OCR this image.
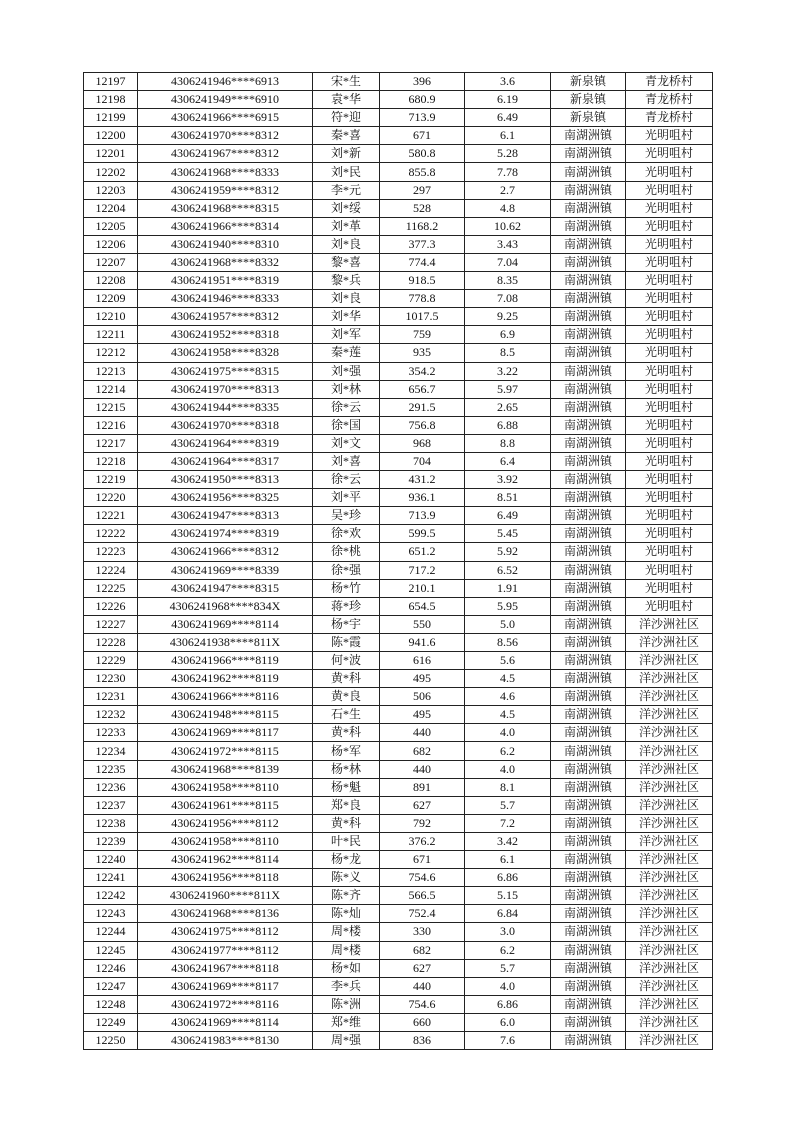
12197	4306241946****6913	宋*生	396	3.6	新泉镇	青龙桥村
12198	4306241949****6910	袁*华	680.9	6.19	新泉镇	青龙桥村
12199	4306241966****6915	符*迎	713.9	6.49	新泉镇	青龙桥村
12200	4306241970****8312	秦*喜	671	6.1	南湖洲镇	光明咀村
12201	4306241967****8312	刘*新	580.8	5.28	南湖洲镇	光明咀村
12202	4306241968****8333	刘*民	855.8	7.78	南湖洲镇	光明咀村
12203	4306241959****8312	李*元	297	2.7	南湖洲镇	光明咀村
12204	4306241968****8315	刘*绥	528	4.8	南湖洲镇	光明咀村
12205	4306241966****8314	刘*革	1168.2	10.62	南湖洲镇	光明咀村
12206	4306241940****8310	刘*良	377.3	3.43	南湖洲镇	光明咀村
12207	4306241968****8332	黎*喜	774.4	7.04	南湖洲镇	光明咀村
12208	4306241951****8319	黎*兵	918.5	8.35	南湖洲镇	光明咀村
12209	4306241946****8333	刘*良	778.8	7.08	南湖洲镇	光明咀村
12210	4306241957****8312	刘*华	1017.5	9.25	南湖洲镇	光明咀村
12211	4306241952****8318	刘*军	759	6.9	南湖洲镇	光明咀村
12212	4306241958****8328	秦*莲	935	8.5	南湖洲镇	光明咀村
12213	4306241975****8315	刘*强	354.2	3.22	南湖洲镇	光明咀村
12214	4306241970****8313	刘*林	656.7	5.97	南湖洲镇	光明咀村
12215	4306241944****8335	徐*云	291.5	2.65	南湖洲镇	光明咀村
12216	4306241970****8318	徐*国	756.8	6.88	南湖洲镇	光明咀村
12217	4306241964****8319	刘*文	968	8.8	南湖洲镇	光明咀村
12218	4306241964****8317	刘*喜	704	6.4	南湖洲镇	光明咀村
12219	4306241950****8313	徐*云	431.2	3.92	南湖洲镇	光明咀村
12220	4306241956****8325	刘*平	936.1	8.51	南湖洲镇	光明咀村
12221	4306241947****8313	吴*珍	713.9	6.49	南湖洲镇	光明咀村
12222	4306241974****8319	徐*欢	599.5	5.45	南湖洲镇	光明咀村
12223	4306241966****8312	徐*桃	651.2	5.92	南湖洲镇	光明咀村
12224	4306241969****8339	徐*强	717.2	6.52	南湖洲镇	光明咀村
12225	4306241947****8315	杨*竹	210.1	1.91	南湖洲镇	光明咀村
12226	4306241968****834X	蒋*珍	654.5	5.95	南湖洲镇	光明咀村
12227	4306241969****8114	杨*宇	550	5.0	南湖洲镇	洋沙洲社区
12228	4306241938****811X	陈*霞	941.6	8.56	南湖洲镇	洋沙洲社区
12229	4306241966****8119	何*波	616	5.6	南湖洲镇	洋沙洲社区
12230	4306241962****8119	黄*科	495	4.5	南湖洲镇	洋沙洲社区
12231	4306241966****8116	黄*良	506	4.6	南湖洲镇	洋沙洲社区
12232	4306241948****8115	石*生	495	4.5	南湖洲镇	洋沙洲社区
12233	4306241969****8117	黄*科	440	4.0	南湖洲镇	洋沙洲社区
12234	4306241972****8115	杨*军	682	6.2	南湖洲镇	洋沙洲社区
12235	4306241968****8139	杨*林	440	4.0	南湖洲镇	洋沙洲社区
12236	4306241958****8110	杨*魁	891	8.1	南湖洲镇	洋沙洲社区
12237	4306241961****8115	郑*良	627	5.7	南湖洲镇	洋沙洲社区
12238	4306241956****8112	黄*科	792	7.2	南湖洲镇	洋沙洲社区
12239	4306241958****8110	叶*民	376.2	3.42	南湖洲镇	洋沙洲社区
12240	4306241962****8114	杨*龙	671	6.1	南湖洲镇	洋沙洲社区
12241	4306241956****8118	陈*义	754.6	6.86	南湖洲镇	洋沙洲社区
12242	4306241960****811X	陈*齐	566.5	5.15	南湖洲镇	洋沙洲社区
12243	4306241968****8136	陈*灿	752.4	6.84	南湖洲镇	洋沙洲社区
12244	4306241975****8112	周*楼	330	3.0	南湖洲镇	洋沙洲社区
12245	4306241977****8112	周*楼	682	6.2	南湖洲镇	洋沙洲社区
12246	4306241967****8118	杨*如	627	5.7	南湖洲镇	洋沙洲社区
12247	4306241969****8117	李*兵	440	4.0	南湖洲镇	洋沙洲社区
12248	4306241972****8116	陈*洲	754.6	6.86	南湖洲镇	洋沙洲社区
12249	4306241969****8114	郑*维	660	6.0	南湖洲镇	洋沙洲社区
12250	4306241983****8130	周*强	836	7.6	南湖洲镇	洋沙洲社区
